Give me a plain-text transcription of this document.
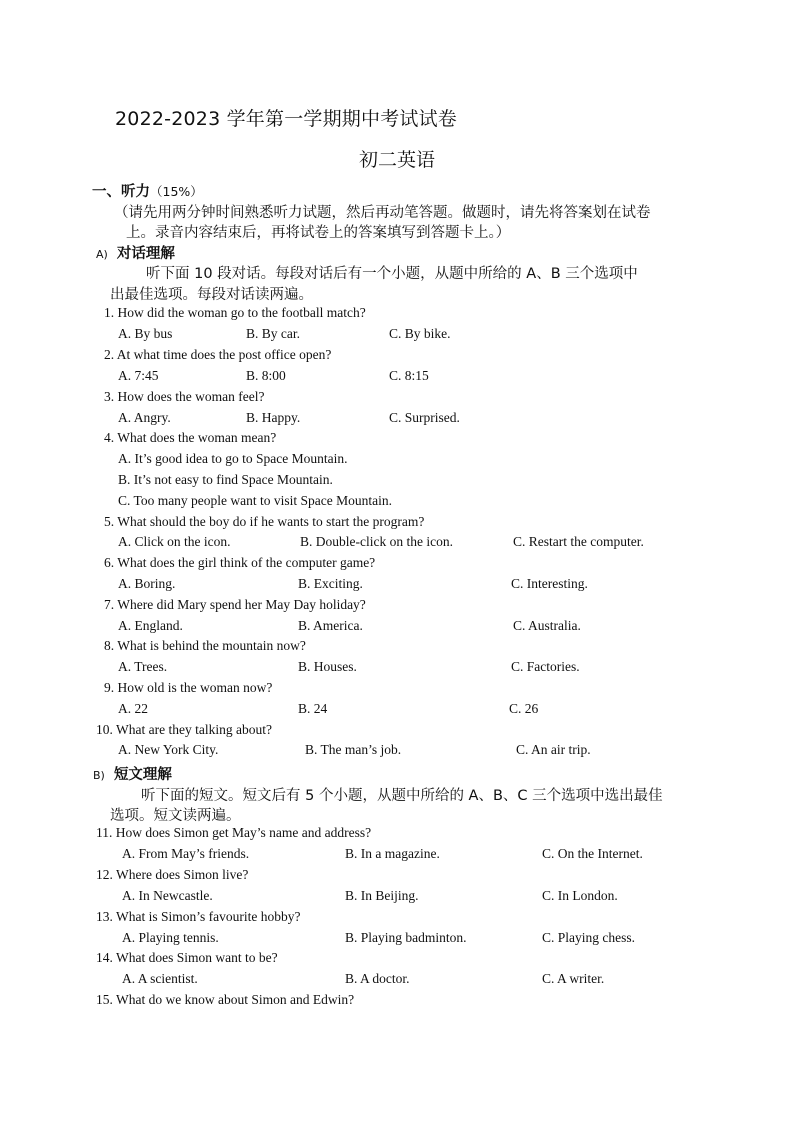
2022-2023 学年第一学期期中考试试卷
初二英语
一、听力（15%）
（请先用两分钟时间熟悉听力试题，然后再动笔答题。做题时，请先将答案划在试卷
上。录音内容结束后，再将试卷上的答案填写到答题卡上。）
A) 对话理解
听下面 10 段对话。每段对话后有一个小题，从题中所给的 A、B 三个选项中
出最佳选项。每段对话读两遍。
1. How did the woman go to the football match?
A. By bus	B. By car.	C. By bike.
2. At what time does the post office open?
A. 7:45	B. 8:00	C. 8:15
3. How does the woman feel?
A. Angry.	B. Happy.	C. Surprised.
4. What does the woman mean?
A. It’s good idea to go to Space Mountain.
B. It’s not easy to find Space Mountain.
C. Too many people want to visit Space Mountain.
5. What should the boy do if he wants to start the program?
A. Click on the icon.	B. Double-click on the icon.	C. Restart the computer.
6. What does the girl think of the computer game?
A. Boring.	B. Exciting.	C. Interesting.
7. Where did Mary spend her May Day holiday?
A. England.	B. America.	C. Australia.
8. What is behind the mountain now?
A. Trees.	B. Houses.	C. Factories.
9. How old is the woman now?
A. 22	B. 24	C. 26
10. What are they talking about?
A. New York City.	B. The man’s job.	C. An air trip.
B) 短文理解
听下面的短文。短文后有 5 个小题，从题中所给的 A、B、C 三个选项中选出最佳
选项。短文读两遍。
11. How does Simon get May’s name and address?
A. From May’s friends.	B. In a magazine.	C. On the Internet.
12. Where does Simon live?
A. In Newcastle.	B. In Beijing.	C. In London.
13. What is Simon’s favourite hobby?
A. Playing tennis.	B. Playing badminton.	C. Playing chess.
14. What does Simon want to be?
A. A scientist.	B. A doctor.	C. A writer.
15. What do we know about Simon and Edwin?
